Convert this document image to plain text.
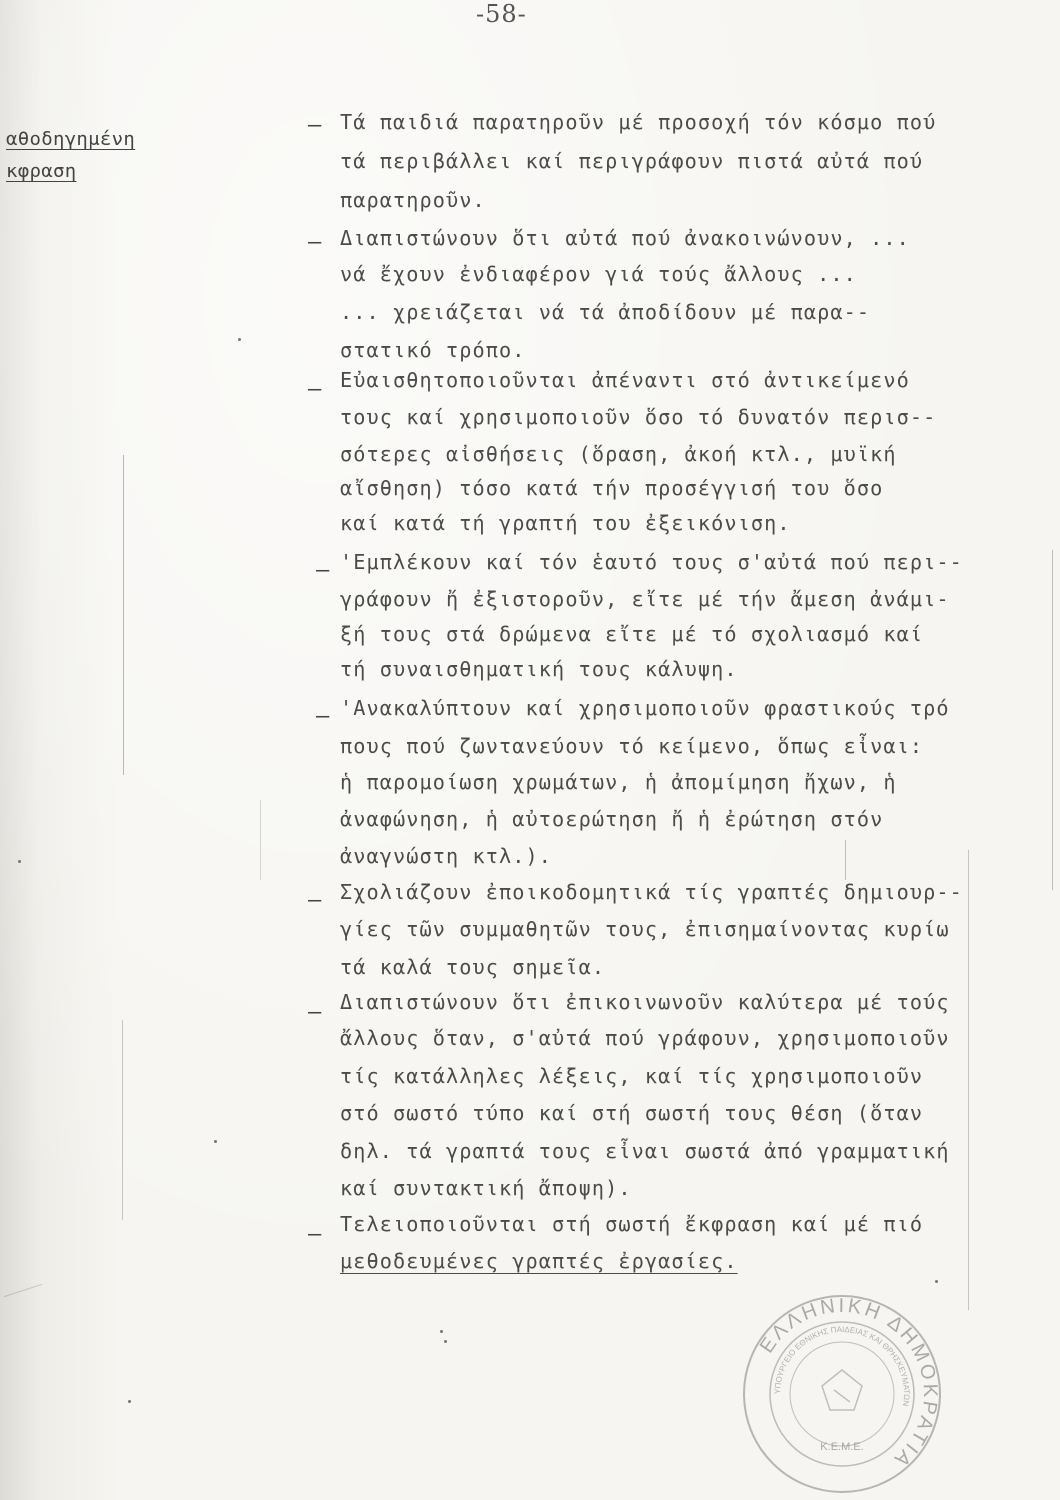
-58-
αθοδηγημένη
κφραση
– Τά παιδιά παρατηροῦν μέ προσοχή τόν κόσμο πού
τά περιβάλλει καί περιγράφουν πιστά αὐτά πού
παρατηροῦν.
– Διαπιστώνουν ὅτι αὐτά πού ἀνακοινώνουν, ...
νά ἔχουν ἐνδιαφέρον γιά τούς ἄλλους ...
... χρειάζεται νά τά ἀποδίδουν μέ παρα--
στατικό τρόπο.
– Εὐαισθητοποιοῦνται ἀπέναντι στό ἀντικείμενό
τους καί χρησιμοποιοῦν ὅσο τό δυνατόν περισ--
σότερες αἰσθήσεις (ὅραση, ἀκοή κτλ., μυϊκή
αἴσθηση) τόσο κατά τήν προσέγγισή του ὅσο
καί κατά τή γραπτή του ἐξεικόνιση.
– 'Εμπλέκουν καί τόν ἑαυτό τους σ'αὐτά πού περι--
γράφουν ἤ ἐξιστοροῦν, εἴτε μέ τήν ἄμεση ἀνάμι-
ξή τους στά δρώμενα εἴτε μέ τό σχολιασμό καί
τή συναισθηματική τους κάλυψη.
– 'Ανακαλύπτουν καί χρησιμοποιοῦν φραστικούς τρό
πους πού ζωντανεύουν τό κείμενο, ὅπως εἶναι:
ἡ παρομοίωση χρωμάτων, ἡ ἀπομίμηση ἤχων, ἡ
ἀναφώνηση, ἡ αὐτοερώτηση ἤ ἡ ἐρώτηση στόν
ἀναγνώστη κτλ.).
– Σχολιάζουν ἐποικοδομητικά τίς γραπτές δημιουρ--
γίες τῶν συμμαθητῶν τους, ἐπισημαίνοντας κυρίω
τά καλά τους σημεῖα.
– Διαπιστώνουν ὅτι ἐπικοινωνοῦν καλύτερα μέ τούς
ἄλλους ὅταν, σ'αὐτά πού γράφουν, χρησιμοποιοῦν
τίς κατάλληλες λέξεις, καί τίς χρησιμοποιοῦν
στό σωστό τύπο καί στή σωστή τους θέση (ὅταν
δηλ. τά γραπτά τους εἶναι σωστά ἀπό γραμματική
καί συντακτική ἄποψη).
– Τελειοποιοῦνται στή σωστή ἔκφραση καί μέ πιό
μεθοδευμένες γραπτές ἐργασίες.
ΕΛΛΗΝΙΚΗ ΔΗΜΟΚΡΑΤΙΑ
ΥΠΟΥΡΓΕΙΟ ΕΘΝΙΚΗΣ ΠΑΙΔΕΙΑΣ ΚΑΙ ΘΡΗΣΚΕΥΜΑΤΩΝ
Κ.Ε.Μ.Ε.
